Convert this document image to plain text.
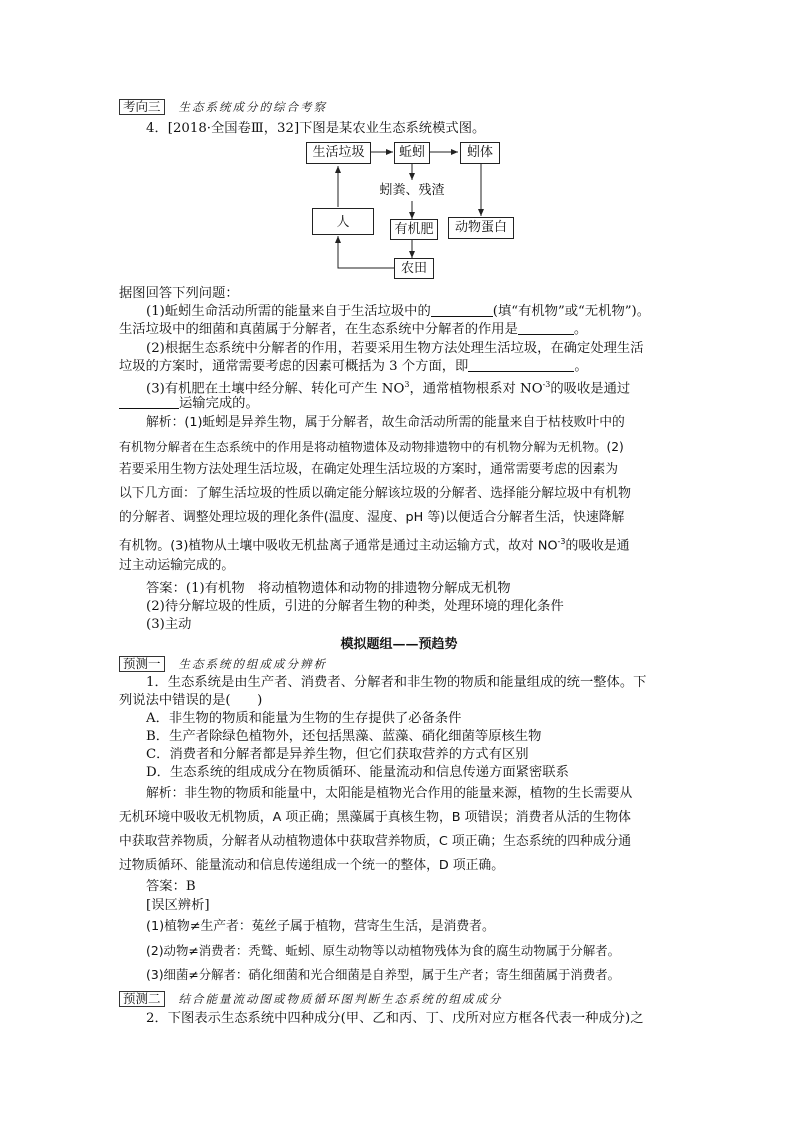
考向三 生态系统成分的综合考察
4．[2018·全国卷Ⅲ，32]下图是某农业生态系统模式图。
生活垃圾	蚯蚓	蚓体
蚓粪、残渣
人	有机肥	动物蛋白
农田
据图回答下列问题：
(1)蚯蚓生命活动所需的能量来自于生活垃圾中的	(填“有机物”或“无机物”)。
生活垃圾中的细菌和真菌属于分解者，在生态系统中分解者的作用是	。
(2)根据生态系统中分解者的作用，若要采用生物方法处理生活垃圾，在确定处理生活
垃圾的方案时，通常需要考虑的因素可概括为 3 个方面，即	。
(3)有机肥在土壤中经分解、转化可产生 $NO^3$，通常植物根系对 $NO^{-3}$的吸收是通过
运输完成的。
解析：(1)蚯蚓是异养生物，属于分解者，故生命活动所需的能量来自于枯枝败叶中的
有机物分解者在生态系统中的作用是将动植物遗体及动物排遗物中的有机物分解为无机物。(2)
若要采用生物方法处理生活垃圾，在确定处理生活垃圾的方案时，通常需要考虑的因素为
以下几方面：了解生活垃圾的性质以确定能分解该垃圾的分解者、选择能分解垃圾中有机物
的分解者、调整处理垃圾的理化条件(温度、湿度、pH 等)以便适合分解者生活，快速降解
有机物。(3)植物从土壤中吸收无机盐离子通常是通过主动运输方式，故对 $NO^{-3}$的吸收是通
过主动运输完成的。
答案：(1)有机物　将动植物遗体和动物的排遗物分解成无机物
(2)待分解垃圾的性质，引进的分解者生物的种类，处理环境的理化条件
(3)主动
模拟题组——预趋势
预测一 生态系统的组成成分辨析
1．生态系统是由生产者、消费者、分解者和非生物的物质和能量组成的统一整体。下
列说法中错误的是(　　)
A．非生物的物质和能量为生物的生存提供了必备条件
B．生产者除绿色植物外，还包括黑藻、蓝藻、硝化细菌等原核生物
C．消费者和分解者都是异养生物，但它们获取营养的方式有区别
D．生态系统的组成成分在物质循环、能量流动和信息传递方面紧密联系
解析：非生物的物质和能量中，太阳能是植物光合作用的能量来源，植物的生长需要从
无机环境中吸收无机物质，A 项正确；黑藻属于真核生物，B 项错误；消费者从活的生物体
中获取营养物质，分解者从动植物遗体中获取营养物质，C 项正确；生态系统的四种成分通
过物质循环、能量流动和信息传递组成一个统一的整体，D 项正确。
答案：B
[误区辨析]
(1)植物≠生产者：菟丝子属于植物，营寄生生活，是消费者。
(2)动物≠消费者：秃鹫、蚯蚓、原生动物等以动植物残体为食的腐生动物属于分解者。
(3)细菌≠分解者：硝化细菌和光合细菌是自养型，属于生产者；寄生细菌属于消费者。
预测二 结合能量流动图或物质循环图判断生态系统的组成成分
2．下图表示生态系统中四种成分(甲、乙和丙、丁、戊所对应方框各代表一种成分)之
